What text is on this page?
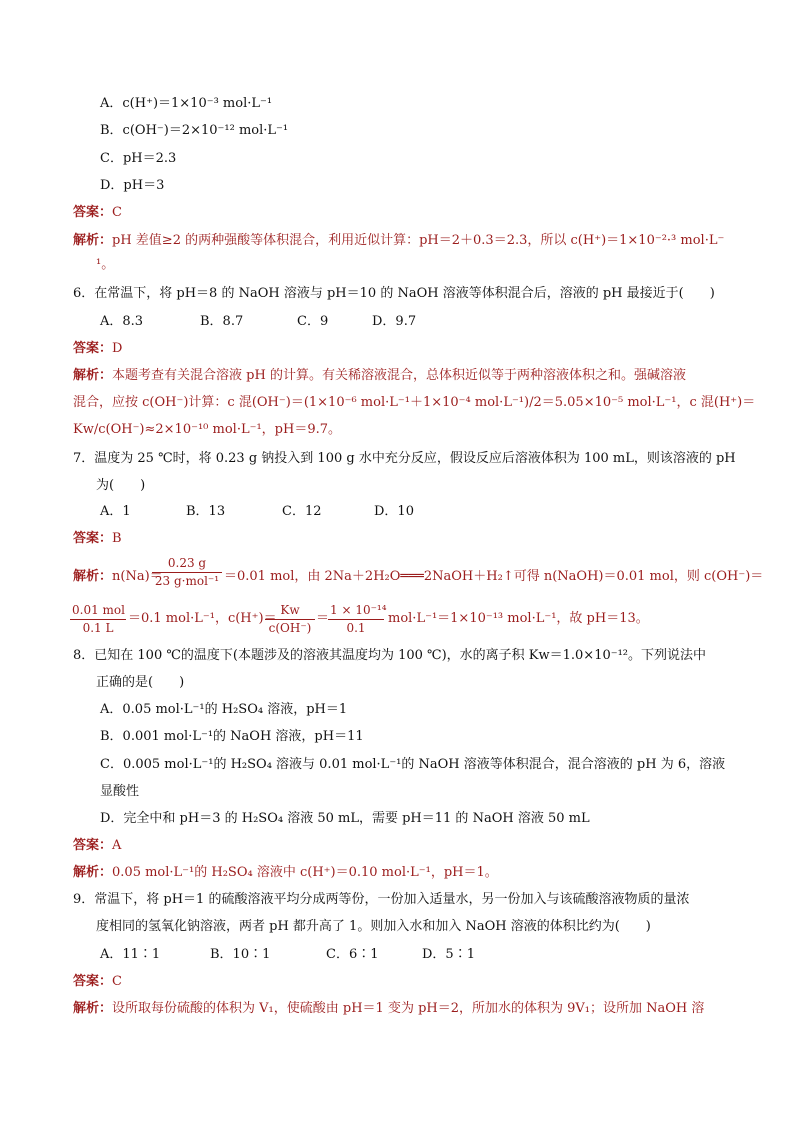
A．c(H⁺)＝1×10⁻³ mol·L⁻¹
B．c(OH⁻)＝2×10⁻¹² mol·L⁻¹
C．pH＝2.3
D．pH＝3
答案：C
解析：pH 差值≥2 的两种强酸等体积混合，利用近似计算：pH＝2＋0.3＝2.3，所以 c(H⁺)＝1×10⁻²·³ mol·L⁻
¹。
6．在常温下，将 pH＝8 的 NaOH 溶液与 pH＝10 的 NaOH 溶液等体积混合后，溶液的 pH 最接近于(　　)
A．8.3	B．8.7	C．9	D．9.7
答案：D
解析：本题考查有关混合溶液 pH 的计算。有关稀溶液混合，总体积近似等于两种溶液体积之和。强碱溶液
混合，应按 c(OH⁻)计算：c 混(OH⁻)＝(1×10⁻⁶ mol·L⁻¹＋1×10⁻⁴ mol·L⁻¹)/2＝5.05×10⁻⁵ mol·L⁻¹，c 混(H⁺)＝
Kw/c(OH⁻)≈2×10⁻¹⁰ mol·L⁻¹，pH＝9.7。
7．温度为 25 ℃时，将 0.23 g 钠投入到 100 g 水中充分反应，假设反应后溶液体积为 100 mL，则该溶液的 pH
为(　　)
A．1	B．13	C．12	D．10
答案：B
解析：n(Na)＝
0.23 g
23 g·mol⁻¹ ＝0.01 mol，由 2Na＋2H₂O═══2NaOH＋H₂↑可得 n(NaOH)＝0.01 mol，则 c(OH⁻)＝
0.01 mol
0.1 L
＝0.1 mol·L⁻¹，c(H⁺)＝
$\frac{Kw}{c(OH^-)}$ ＝
$\frac{\text{1 × 10⁻¹⁴}}{0.1} mol\cdot L^{-1}=1\times 10^{-13}$ mol·L⁻¹，故 pH＝13。
8．已知在 100 ℃的温度下(本题涉及的溶液其温度均为 100 ℃)，水的离子积 Kw＝1.0×10⁻¹²。下列说法中
正确的是(　　)
A．0.05 mol·L⁻¹的 H₂SO₄ 溶液，pH＝1
B．0.001 mol·L⁻¹的 NaOH 溶液，pH＝11
C．0.005 mol·L⁻¹的 H₂SO₄ 溶液与 0.01 mol·L⁻¹的 NaOH 溶液等体积混合，混合溶液的 pH 为 6，溶液
显酸性
D．完全中和 pH＝3 的 H₂SO₄ 溶液 50 mL，需要 pH＝11 的 NaOH 溶液 50 mL
答案：A
解析：0.05 mol·L⁻¹的 H₂SO₄ 溶液中 c(H⁺)＝0.10 mol·L⁻¹，pH＝1。
9．常温下，将 pH＝1 的硫酸溶液平均分成两等份，一份加入适量水，另一份加入与该硫酸溶液物质的量浓
度相同的氢氧化钠溶液，两者 pH 都升高了 1。则加入水和加入 NaOH 溶液的体积比约为(　　)
A．11∶1	B．10∶1	C．6∶1	D．5∶1
答案：C
解析：设所取每份硫酸的体积为 V₁，使硫酸由 pH＝1 变为 pH＝2，所加水的体积为 9V₁；设所加 NaOH 溶
